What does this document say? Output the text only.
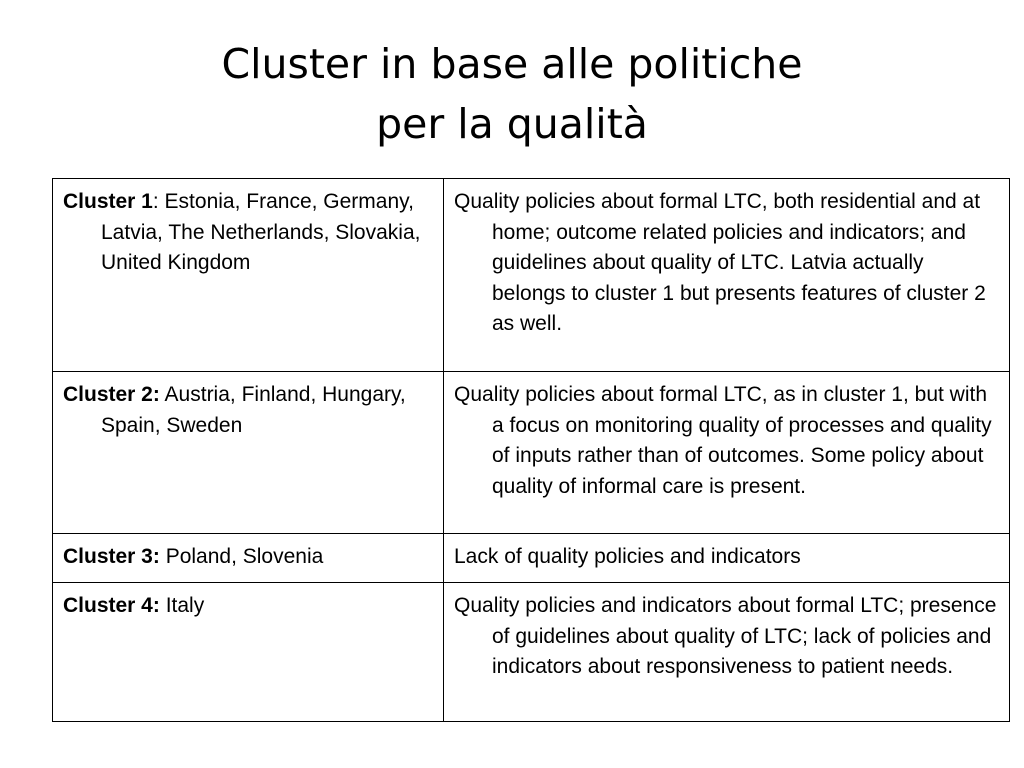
Cluster in base alle politiche
per la qualità
Cluster 1: Estonia, France, Germany, Latvia, The Netherlands, Slovakia, United Kingdom	Quality policies about formal LTC, both residential and at home; outcome related policies and indicators; and guidelines about quality of LTC. Latvia actually belongs to cluster 1 but presents features of cluster 2 as well.

Cluster 2: Austria, Finland, Hungary, Spain, Sweden	Quality policies about formal LTC, as in cluster 1, but with a focus on monitoring quality of processes and quality of inputs rather than of outcomes. Some policy about quality of informal care is present.

Cluster 3: Poland, Slovenia	Lack of quality policies and indicators

Cluster 4: Italy	Quality policies and indicators about formal LTC; presence of guidelines about quality of LTC; lack of policies and indicators about responsiveness to patient needs.
